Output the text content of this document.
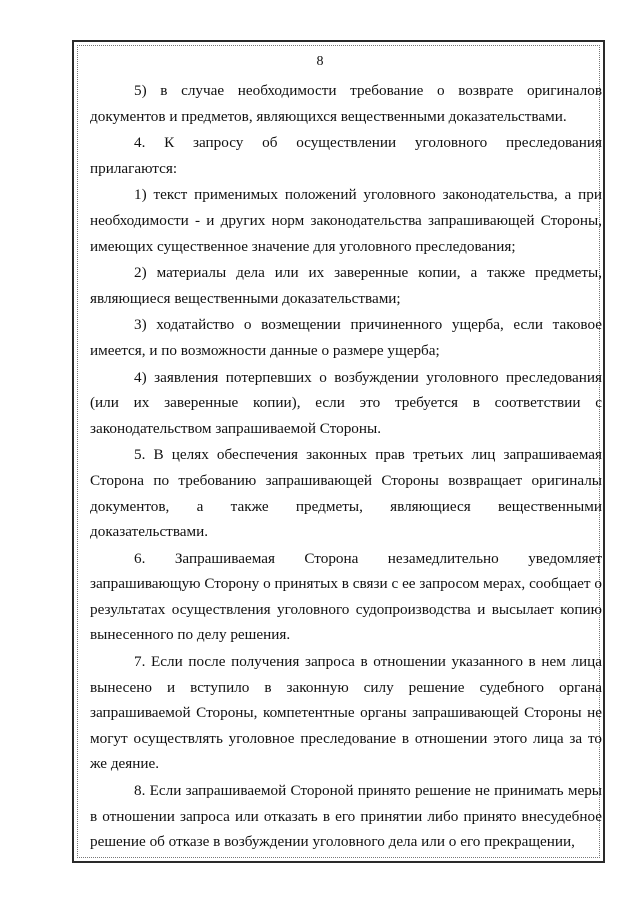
8

5) в случае необходимости требование о возврате оригиналов документов и предметов, являющихся вещественными доказательствами.

4. К запросу об осуществлении уголовного преследования прилагаются:

1) текст применимых положений уголовного законодательства, а при необходимости - и других норм законодательства запрашивающей Стороны, имеющих существенное значение для уголовного преследования;

2) материалы дела или их заверенные копии, а также предметы, являющиеся вещественными доказательствами;

3) ходатайство о возмещении причиненного ущерба, если таковое имеется, и по возможности данные о размере ущерба;

4) заявления потерпевших о возбуждении уголовного преследования (или их заверенные копии), если это требуется в соответствии с законодательством запрашиваемой Стороны.

5. В целях обеспечения законных прав третьих лиц запрашиваемая Сторона по требованию запрашивающей Стороны возвращает оригиналы документов, а также предметы, являющиеся вещественными доказательствами.

6. Запрашиваемая Сторона незамедлительно уведомляет запрашивающую Сторону о принятых в связи с ее запросом мерах, сообщает о результатах осуществления уголовного судопроизводства и высылает копию вынесенного по делу решения.

7. Если после получения запроса в отношении указанного в нем лица вынесено и вступило в законную силу решение судебного органа запрашиваемой Стороны, компетентные органы запрашивающей Стороны не могут осуществлять уголовное преследование в отношении этого лица за то же деяние.

8. Если запрашиваемой Стороной принято решение не принимать меры в отношении запроса или отказать в его принятии либо принято внесудебное решение об отказе в возбуждении уголовного дела или о его прекращении,
